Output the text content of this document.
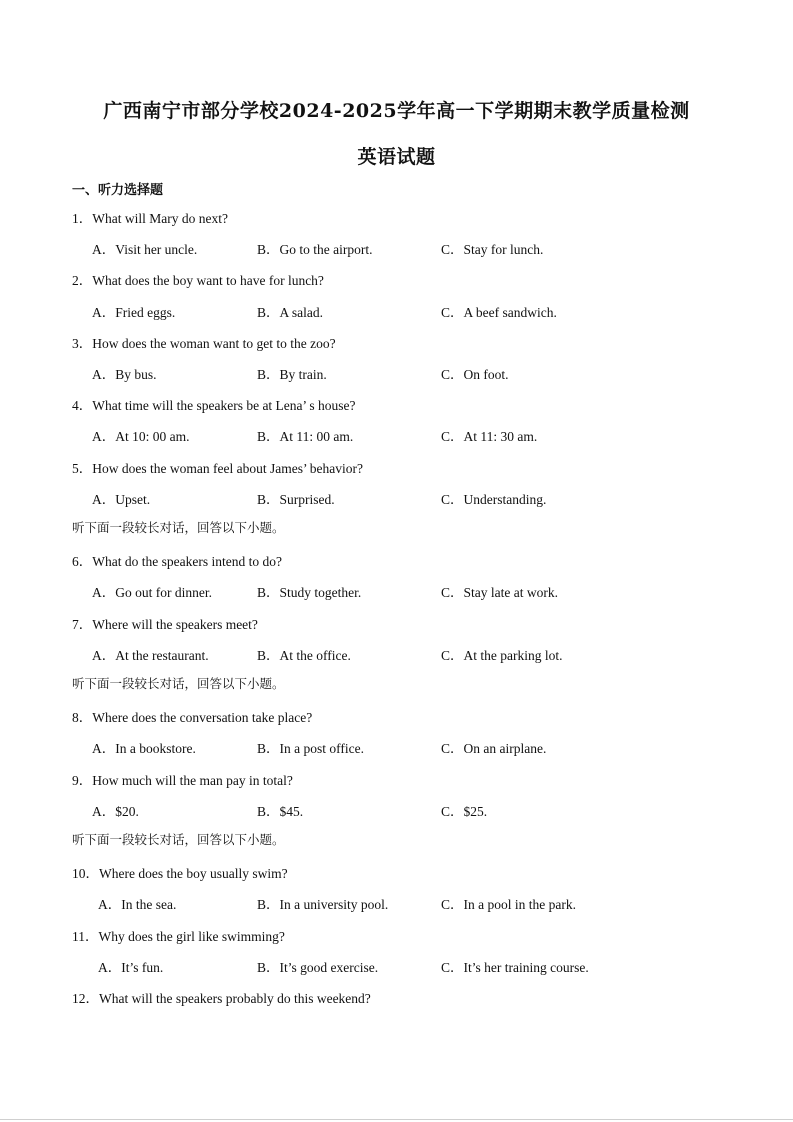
广西南宁市部分学校2024-2025学年高一下学期期末教学质量检测
英语试题
一、听力选择题
1．What will Mary do next?
A．Visit her uncle.	B．Go to the airport.	C．Stay for lunch.
2．What does the boy want to have for lunch?
A．Fried eggs.	B．A salad.	C．A beef sandwich.
3．How does the woman want to get to the zoo?
A．By bus.	B．By train.	C．On foot.
4．What time will the speakers be at Lena’ s house?
A．At 10: 00 am.	B．At 11: 00 am.	C．At 11: 30 am.
5．How does the woman feel about James’ behavior?
A．Upset.	B．Surprised.	C．Understanding.
听下面一段较长对话，回答以下小题。
6．What do the speakers intend to do?
A．Go out for dinner.	B．Study together.	C．Stay late at work.
7．Where will the speakers meet?
A．At the restaurant.	B．At the office.	C．At the parking lot.
听下面一段较长对话，回答以下小题。
8．Where does the conversation take place?
A．In a bookstore.	B．In a post office.	C．On an airplane.
9．How much will the man pay in total?
A．$20.	B．$45.	C．$25.
听下面一段较长对话，回答以下小题。
10．Where does the boy usually swim?
A．In the sea.	B．In a university pool.	C．In a pool in the park.
11．Why does the girl like swimming?
A．It’s fun.	B．It’s good exercise.	C．It’s her training course.
12．What will the speakers probably do this weekend?
